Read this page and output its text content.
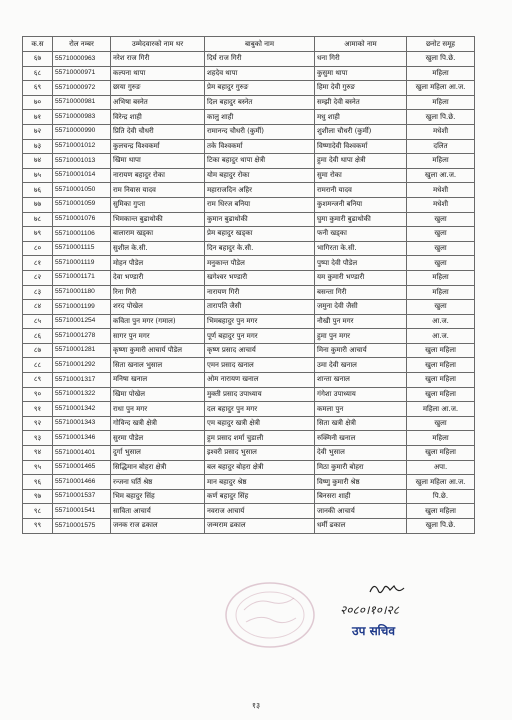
क.स	रोल नम्बर	उम्मेदवारको नाम थर	बाबुको नाम	आमाको नाम	छनोट समूह
६७	55710000963	नरेश राज गिरी	दिर्घ राज गिरी	धना गिरी	खुला पि.छे.
६८	55710000971	कल्पना थापा	शहदेव थापा	कुसुमा थापा	महिला
६९	55710000972	छाया गुरुङ	प्रेम बहादुर गुरुङ	हिमा देवी गुरुङ	खुला महिला आ.ज.
७०	55710000981	अभिषा बस्नेत	दिल बहादुर बस्नेत	सम्झी देवी बस्नेत	महिला
७१	55710000983	विरेन्द्र शाही	कालु शाही	मधु शाही	खुला पि.छे.
७२	55710000990	प्रिति देवी चौधरी	रामानन्द चौधरी (कुर्मी)	शुशीला चौधरी (कुर्मी)	मधेशी
७३	55710001012	कुलचन्द्र विश्वकर्मा	तके विश्वकर्मा	विष्णादेवी विश्वकर्मा	दलित
७४	55710001013	खिमा थापा	टिका बहादुर थापा क्षेत्री	हुमा देवी थापा क्षेत्री	महिला
७५	55710001014	नारायण बहादुर रोका	योम बहादुर रोका	सुमा रोका	खुला आ.ज.
७६	55710001050	राम निवास यादव	महाराजदिन अहिर	रामरानी यादव	मधेशी
७७	55710001059	सुमिका गुप्ता	राम धिरज बनिया	कुशमन्जनी बनिया	मधेशी
७८	55710001076	भिमकान्त बुढाथोकी	कुमान बुढाथोकी	घुमा कुमारी बुढाथोकी	खुला
७९	55710001106	बालाराम खड्का	प्रेम बहादुर खड्का	फनी खड्का	खुला
८०	55710001115	सुशील के.सी.	दिन बहादुर के.सी.	भागिरता के.सी.	खुला
८१	55710001119	मोहन पौडेल	मनुकान्त पौडेल	पुष्पा देवी पौडेल	खुला
८२	55710001171	देवा भण्डारी	खगेश्वर भण्डारी	यम कुमारी भण्डारी	महिला
८३	55710001180	रिना गिरी	नारायण गिरी	बसन्ता गिरी	महिला
८४	55710001199	शरद पोखेल	तारापति जैसी	जमुना देवी जैसी	खुला
८५	55710001254	कविता पुन मगर (गमाल)	भिमबहादुर पुन मगर	नौखी पुन मगर	आ.ज.
८६	55710001278	सागर पुन मगर	पूर्ण बहादुर पुन मगर	हुमा पुन मगर	आ.ज.
८७	55710001281	कृष्णा कुमारी आचार्य पौडेल	कृष्ण प्रसाद आचार्य	मिना कुमारी आचार्य	खुला महिला
८८	55710001292	सिता खनाल भुसाल	एमन प्रसाद खनाल	उमा देवी खनाल	खुला महिला
८९	55710001317	मनिषा खनाल	ओम नारायण खनाल	शान्ता खनाल	खुला महिला
९०	55710001322	खिमा पोखेल	मुक्ती प्रसाद उपाध्याय	गंगेशा उपाध्याय	खुला महिला
९१	55710001342	राधा पुन मगर	दल बहादुर पुन मगर	कमला पुन	महिला आ.ज.
९२	55710001343	गोविन्द खत्री क्षेत्री	एम बहादुर खत्री क्षेत्री	सिता खत्री क्षेत्री	खुला
९३	55710001346	सुरमा पौडेल	हुम प्रसाद शर्मा चुडाली	रुक्मिनी खनाल	महिला
९४	55710001401	दुर्गा भुसाल	इश्वरी प्रसाद भुसाल	देवी भुसाल	खुला महिला
९५	55710001465	सिद्धिमान बोहरा क्षेत्री	बल बहादुर बोहरा क्षेत्री	मिठा कुमारी बोहरा	अपा.
९६	55710001466	रन्जना घर्ति श्रेष्ठ	मान बहादुर श्रेष्ठ	विष्णु कुमारी श्रेष्ठ	खुला महिला आ.ज.
९७	55710001537	भिम बहादुर सिंह	कर्ण बहादुर सिंह	बिनसरा शाही	पि.छे.
९८	55710001541	साविता आचार्य	नवराज आचार्य	जानकी आचार्य	खुला महिला
९९	55710001575	जनक राज ढकाल	जन्मराम ढकाल	धर्मी ढकाल	खुला पि.छे.
२०८०।१०।२८
उप सचिव
१३
